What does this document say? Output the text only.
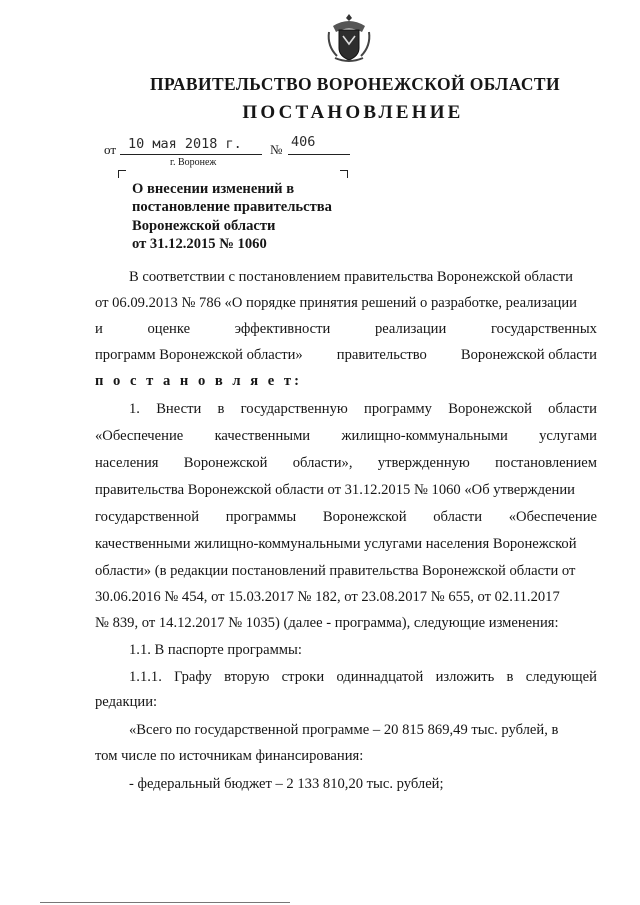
ПРАВИТЕЛЬСТВО ВОРОНЕЖСКОЙ ОБЛАСТИ
ПОСТАНОВЛЕНИЕ
от 10 мая 2018 г. № 406
г. Воронеж
О внесении изменений в
постановление правительства
Воронежской области
от 31.12.2015 № 1060
В соответствии с постановлением правительства Воронежской области
от 06.09.2013 № 786 «О порядке принятия решений о разработке, реализации
и	оценке	эффективности	реализации	государственных
программ Воронежской области» правительство Воронежской области
п о с т а н о в л я е т:
1. Внести в государственную программу Воронежской области
«Обеспечение качественными жилищно-коммунальными услугами
населения Воронежской области», утвержденную постановлением
правительства Воронежской области от 31.12.2015 № 1060 «Об утверждении
государственной программы Воронежской области «Обеспечение
качественными жилищно-коммунальными услугами населения Воронежской
области» (в редакции постановлений правительства Воронежской области от
30.06.2016 № 454, от 15.03.2017 № 182, от 23.08.2017 № 655, от 02.11.2017
№ 839, от 14.12.2017 № 1035) (далее - программа), следующие изменения:
1.1. В паспорте программы:
1.1.1. Графу вторую строки одиннадцатой изложить в следующей
редакции:
«Всего по государственной программе – 20 815 869,49 тыс. рублей, в
том числе по источникам финансирования:
- федеральный бюджет – 2 133 810,20 тыс. рублей;
